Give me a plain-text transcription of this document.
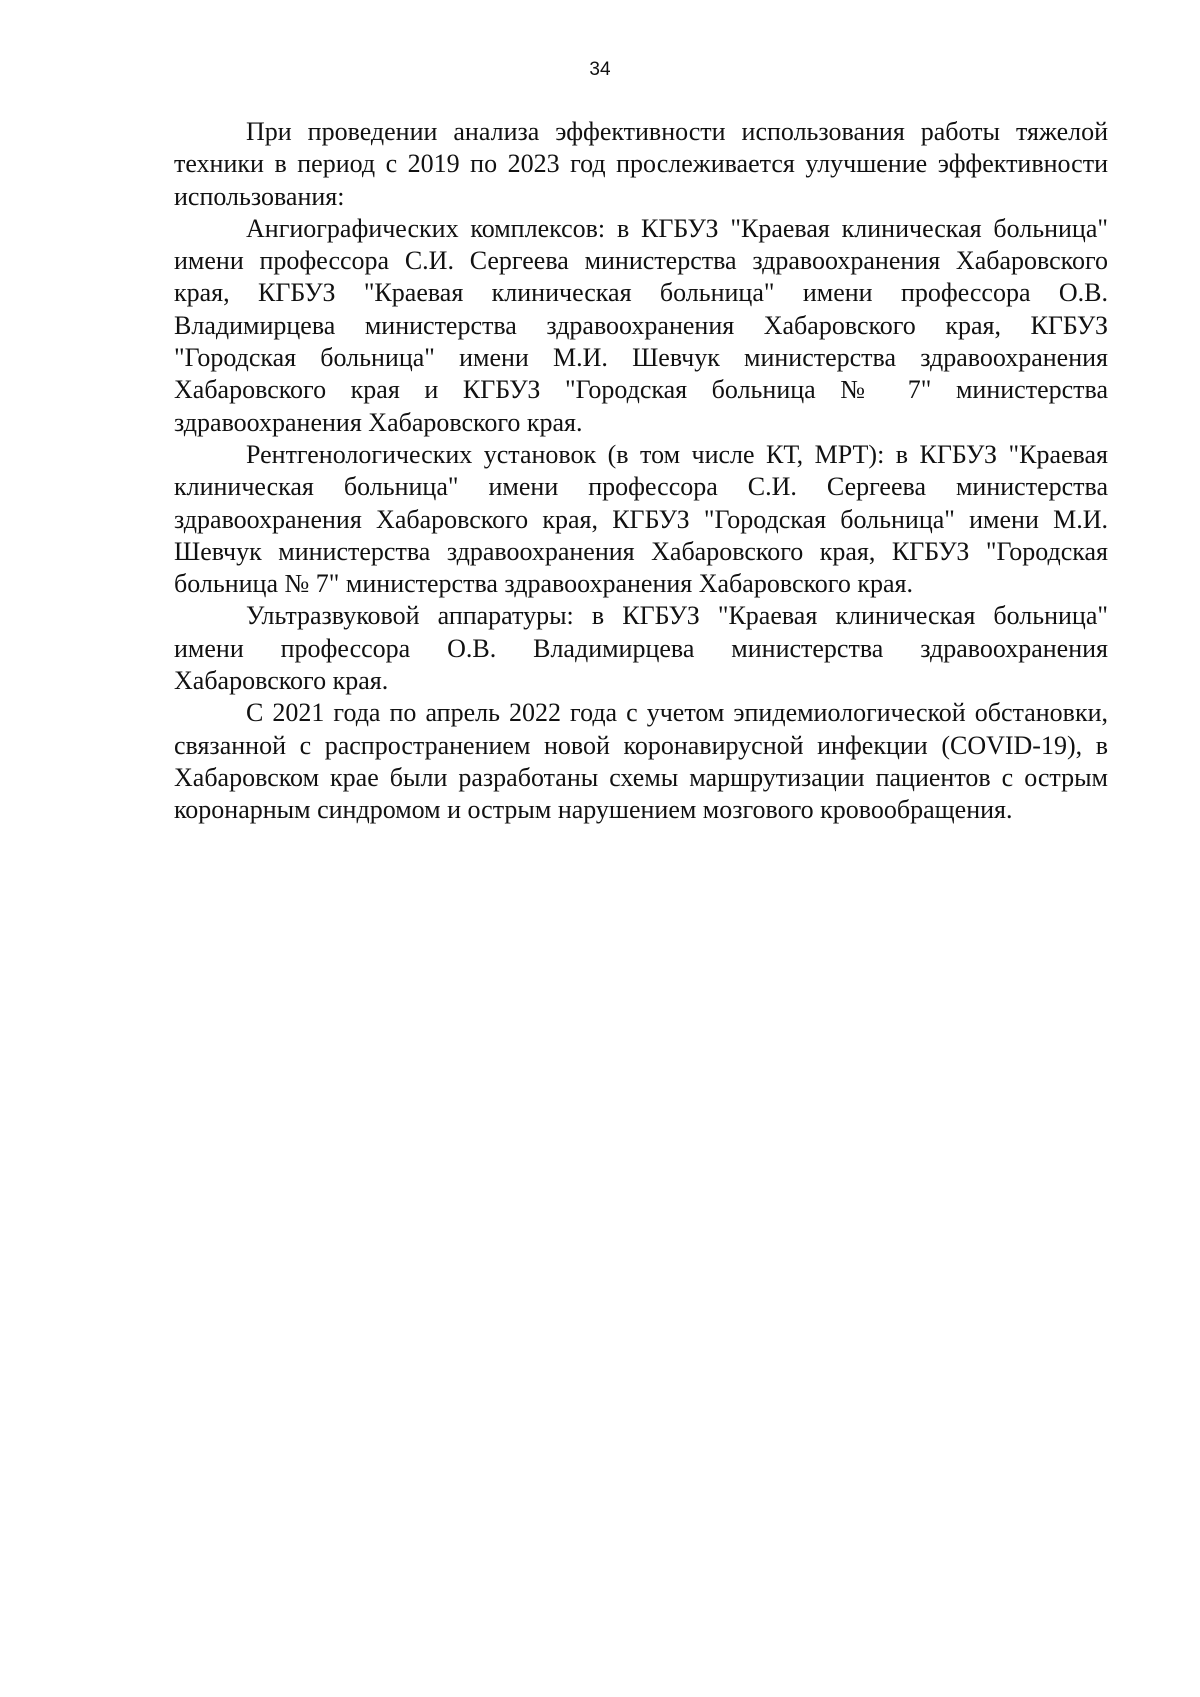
34

При проведении анализа эффективности использования работы тяжелой техники в период с 2019 по 2023 год прослеживается улучшение эффективности использования:

Ангиографических комплексов: в КГБУЗ "Краевая клиническая больница" имени профессора С.И. Сергеева министерства здравоохранения Хабаровского края, КГБУЗ "Краевая клиническая больница" имени профессора О.В. Владимирцева министерства здравоохранения Хабаровского края, КГБУЗ "Городская больница" имени М.И. Шевчук министерства здравоохранения Хабаровского края и КГБУЗ "Городская больница № 7" министерства здравоохранения Хабаровского края.

Рентгенологических установок (в том числе КТ, МРТ): в КГБУЗ "Краевая клиническая больница" имени профессора С.И. Сергеева министерства здравоохранения Хабаровского края, КГБУЗ "Городская больница" имени М.И. Шевчук министерства здравоохранения Хабаровского края, КГБУЗ "Городская больница № 7" министерства здравоохранения Хабаровского края.

Ультразвуковой аппаратуры: в КГБУЗ "Краевая клиническая больница" имени профессора О.В. Владимирцева министерства здравоохранения Хабаровского края.

С 2021 года по апрель 2022 года с учетом эпидемиологической обстановки, связанной с распространением новой коронавирусной инфекции (COVID-19), в Хабаровском крае были разработаны схемы маршрутизации пациентов с острым коронарным синдромом и острым нарушением мозгового кровообращения.
